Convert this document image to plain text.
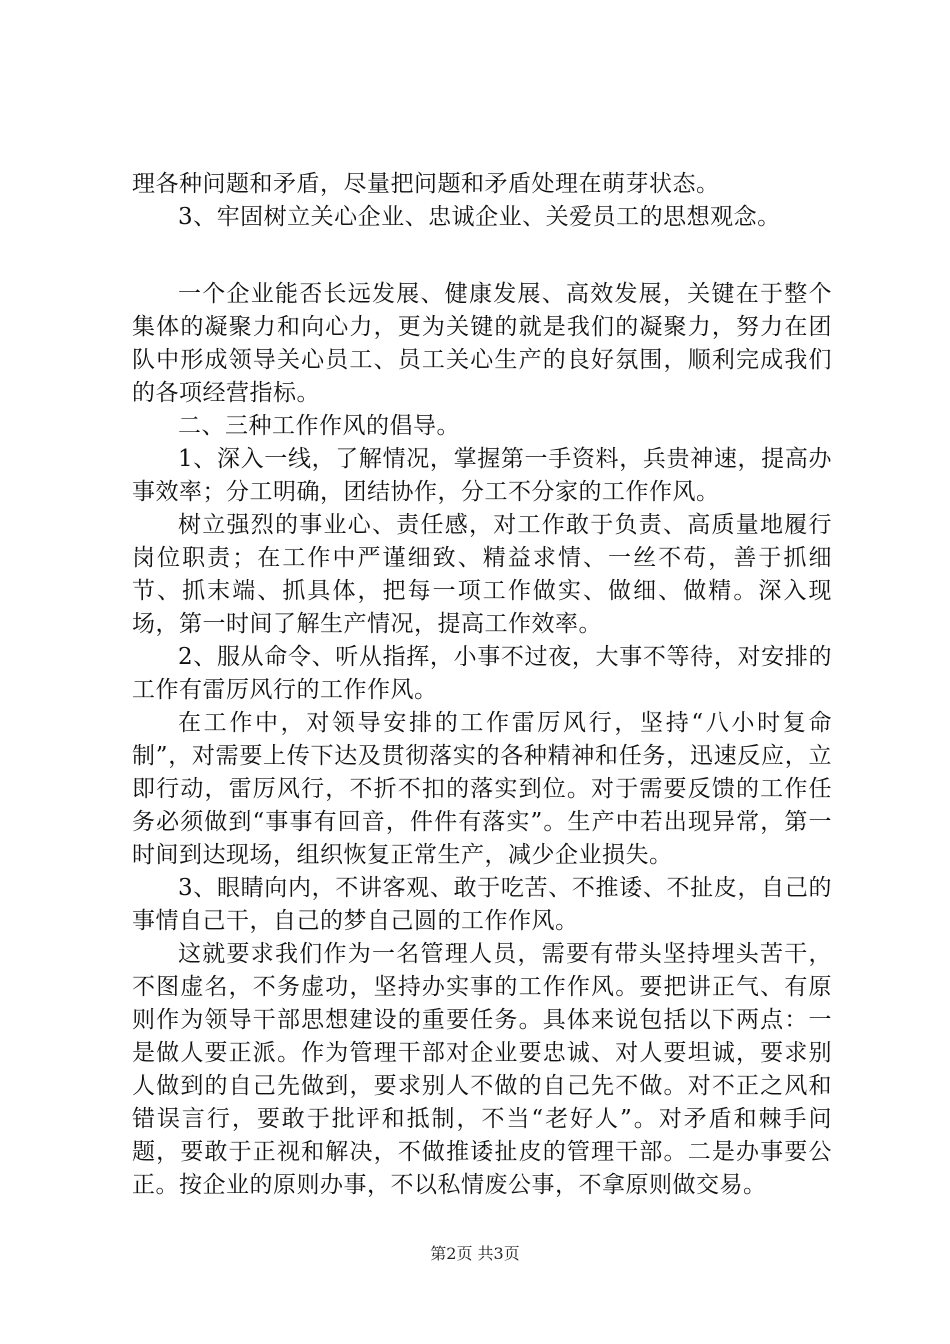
理各种问题和矛盾，尽量把问题和矛盾处理在萌芽状态。

3、牢固树立关心企业、忠诚企业、关爱员工的思想观念。

一个企业能否长远发展、健康发展、高效发展，关键在于整个集体的凝聚力和向心力，更为关键的就是我们的凝聚力，努力在团队中形成领导关心员工、员工关心生产的良好氛围，顺利完成我们的各项经营指标。

二、三种工作作风的倡导。

1、深入一线，了解情况，掌握第一手资料，兵贵神速，提高办事效率；分工明确，团结协作，分工不分家的工作作风。

树立强烈的事业心、责任感，对工作敢于负责、高质量地履行岗位职责；在工作中严谨细致、精益求情、一丝不苟，善于抓细节、抓末端、抓具体，把每一项工作做实、做细、做精。深入现场，第一时间了解生产情况，提高工作效率。

2、服从命令、听从指挥，小事不过夜，大事不等待，对安排的工作有雷厉风行的工作作风。

在工作中，对领导安排的工作雷厉风行，坚持“八小时复命制”，对需要上传下达及贯彻落实的各种精神和任务，迅速反应，立即行动，雷厉风行，不折不扣的落实到位。对于需要反馈的工作任务必须做到“事事有回音，件件有落实”。生产中若出现异常，第一时间到达现场，组织恢复正常生产，减少企业损失。

3、眼睛向内，不讲客观、敢于吃苦、不推诿、不扯皮，自己的事情自己干，自己的梦自己圆的工作作风。

这就要求我们作为一名管理人员，需要有带头坚持埋头苦干，不图虚名，不务虚功，坚持办实事的工作作风。要把讲正气、有原则作为领导干部思想建设的重要任务。具体来说包括以下两点：一是做人要正派。作为管理干部对企业要忠诚、对人要坦诚，要求别人做到的自己先做到，要求别人不做的自己先不做。对不正之风和错误言行，要敢于批评和抵制，不当“老好人”。对矛盾和棘手问题，要敢于正视和解决，不做推诿扯皮的管理干部。二是办事要公正。按企业的原则办事，不以私情废公事，不拿原则做交易。

第2页 共3页
